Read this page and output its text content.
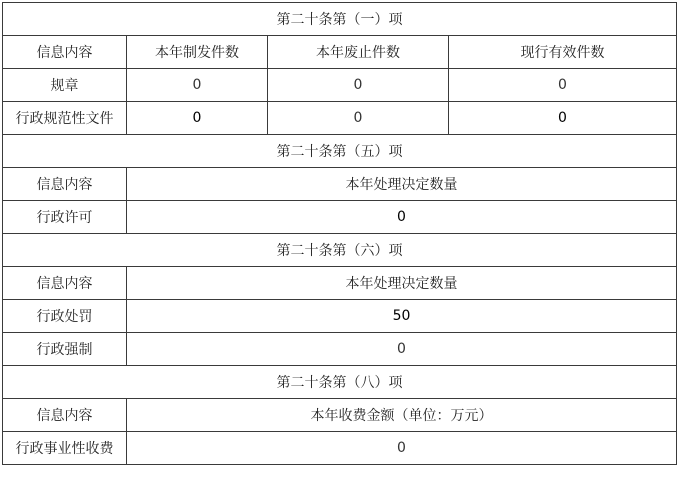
第二十条第（一）项			
信息内容	本年制发件数	本年废止件数	现行有效件数
规章	0	0	0
行政规范性文件	0	0	0
第二十条第（五）项			
信息内容	本年处理决定数量		
行政许可	0		
第二十条第（六）项			
信息内容	本年处理决定数量		
行政处罚	50		
行政强制	0		
第二十条第（八）项			
信息内容	本年收费金额（单位：万元）		
行政事业性收费	0		
